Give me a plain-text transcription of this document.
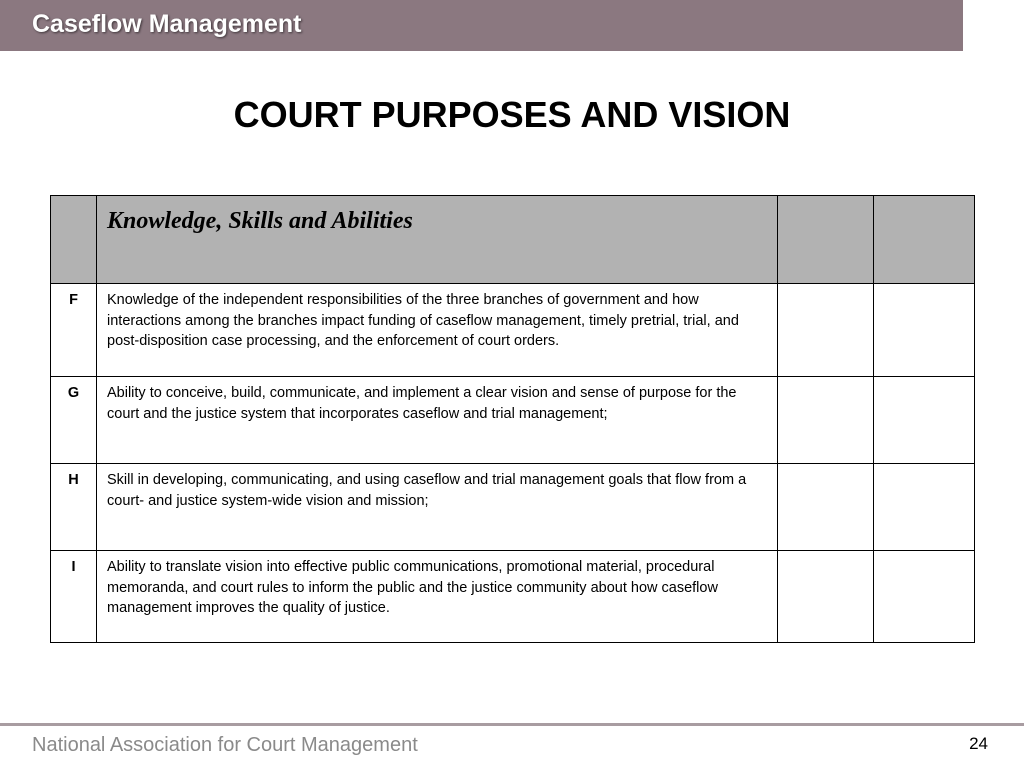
Caseflow Management
COURT PURPOSES AND VISION

	Knowledge, Skills and Abilities		

F	Knowledge of the independent responsibilities of the three branches of government and how interactions among the branches impact funding of caseflow management, timely pretrial, trial, and post-disposition case processing, and the enforcement of court orders.		
G	Ability to conceive, build, communicate, and implement a clear vision and sense of purpose for the court and the justice system that incorporates caseflow and trial management;		
H	Skill in developing, communicating, and using caseflow and trial management goals that flow from a court- and justice system-wide vision and mission;		
I	Ability to translate vision into effective public communications, promotional material, procedural memoranda, and court rules to inform the public and the justice community about how caseflow management improves the quality of justice.		
National Association for Court Management	24
